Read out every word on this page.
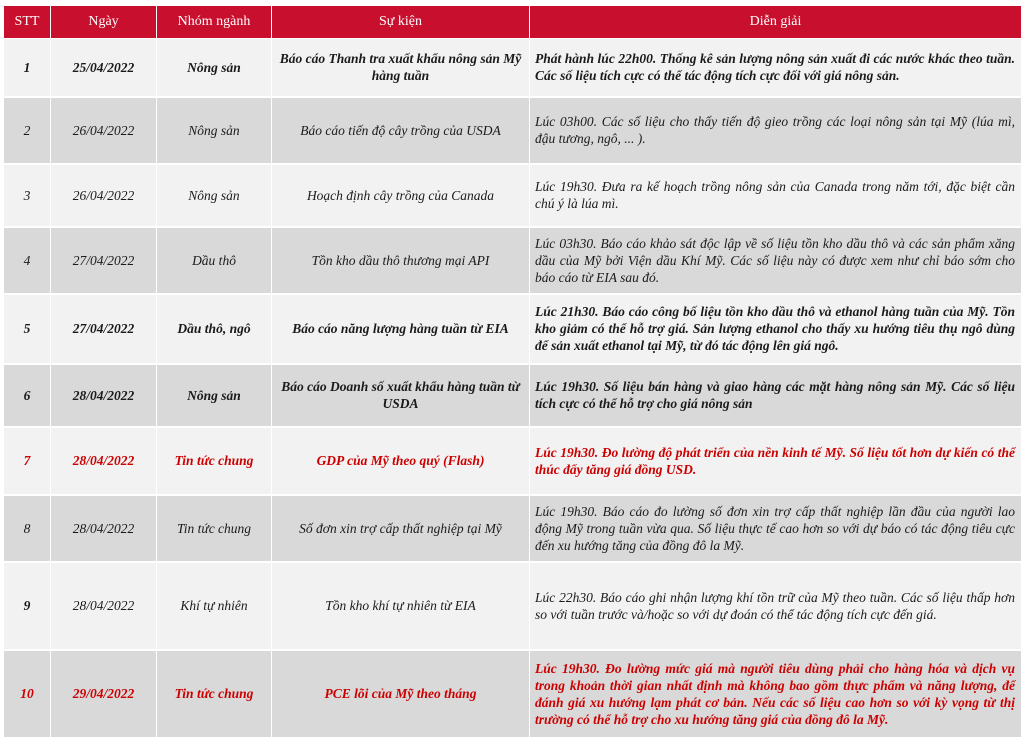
STT	Ngày	Nhóm ngành	Sự kiện	Diễn giải
1	25/04/2022	Nông sản	Báo cáo Thanh tra xuất khẩu nông sản Mỹ hàng tuần	Phát hành lúc 22h00. Thống kê sản lượng nông sản xuất đi các nước khác theo tuần. Các số liệu tích cực có thể tác động tích cực đối với giá nông sản.
2	26/04/2022	Nông sản	Báo cáo tiến độ cây trồng của USDA	Lúc 03h00. Các số liệu cho thấy tiến độ gieo trồng các loại nông sản tại Mỹ (lúa mì, đậu tương, ngô, ... ).
3	26/04/2022	Nông sản	Hoạch định cây trồng của Canada	Lúc 19h30. Đưa ra kế hoạch trồng nông sản của Canada trong năm tới, đặc biệt cần chú ý là lúa mì.
4	27/04/2022	Dầu thô	Tồn kho dầu thô thương mại API	Lúc 03h30. Báo cáo khảo sát độc lập về số liệu tồn kho dầu thô và các sản phẩm xăng dầu của Mỹ bởi Viện dầu Khí Mỹ. Các số liệu này có được xem như chỉ báo sớm cho báo cáo từ EIA sau đó.
5	27/04/2022	Dầu thô, ngô	Báo cáo năng lượng hàng tuần từ EIA	Lúc 21h30. Báo cáo công bố liệu tồn kho dầu thô và ethanol hàng tuần của Mỹ. Tồn kho giảm có thể hỗ trợ giá. Sản lượng ethanol cho thấy xu hướng tiêu thụ ngô dùng để sản xuất ethanol tại Mỹ, từ đó tác động lên giá ngô.
6	28/04/2022	Nông sản	Báo cáo Doanh số xuất khẩu hàng tuần từ USDA	Lúc 19h30. Số liệu bán hàng và giao hàng các mặt hàng nông sản Mỹ. Các số liệu tích cực có thể hỗ trợ cho giá nông sản
7	28/04/2022	Tin tức chung	GDP của Mỹ theo quý (Flash)	Lúc 19h30. Đo lường độ phát triển của nền kinh tế Mỹ. Số liệu tốt hơn dự kiến có thể thúc đẩy tăng giá đồng USD.
8	28/04/2022	Tin tức chung	Số đơn xin trợ cấp thất nghiệp tại Mỹ	Lúc 19h30. Báo cáo đo lường số đơn xin trợ cấp thất nghiệp lần đầu của người lao động Mỹ trong tuần vừa qua. Số liệu thực tế cao hơn so với dự báo có tác động tiêu cực đến xu hướng tăng của đồng đô la Mỹ.
9	28/04/2022	Khí tự nhiên	Tồn kho khí tự nhiên từ EIA	Lúc 22h30. Báo cáo ghi nhận lượng khí tồn trữ của Mỹ theo tuần. Các số liệu thấp hơn so với tuần trước và/hoặc so với dự đoán có thể tác động tích cực đến giá.
10	29/04/2022	Tin tức chung	PCE lõi của Mỹ theo tháng	Lúc 19h30. Đo lường mức giá mà người tiêu dùng phải cho hàng hóa và dịch vụ trong khoản thời gian nhất định mà không bao gồm thực phẩm và năng lượng, để đánh giá xu hướng lạm phát cơ bản. Nếu các số liệu cao hơn so với kỳ vọng từ thị trường có thể hỗ trợ cho xu hướng tăng giá của đồng đô la Mỹ.
